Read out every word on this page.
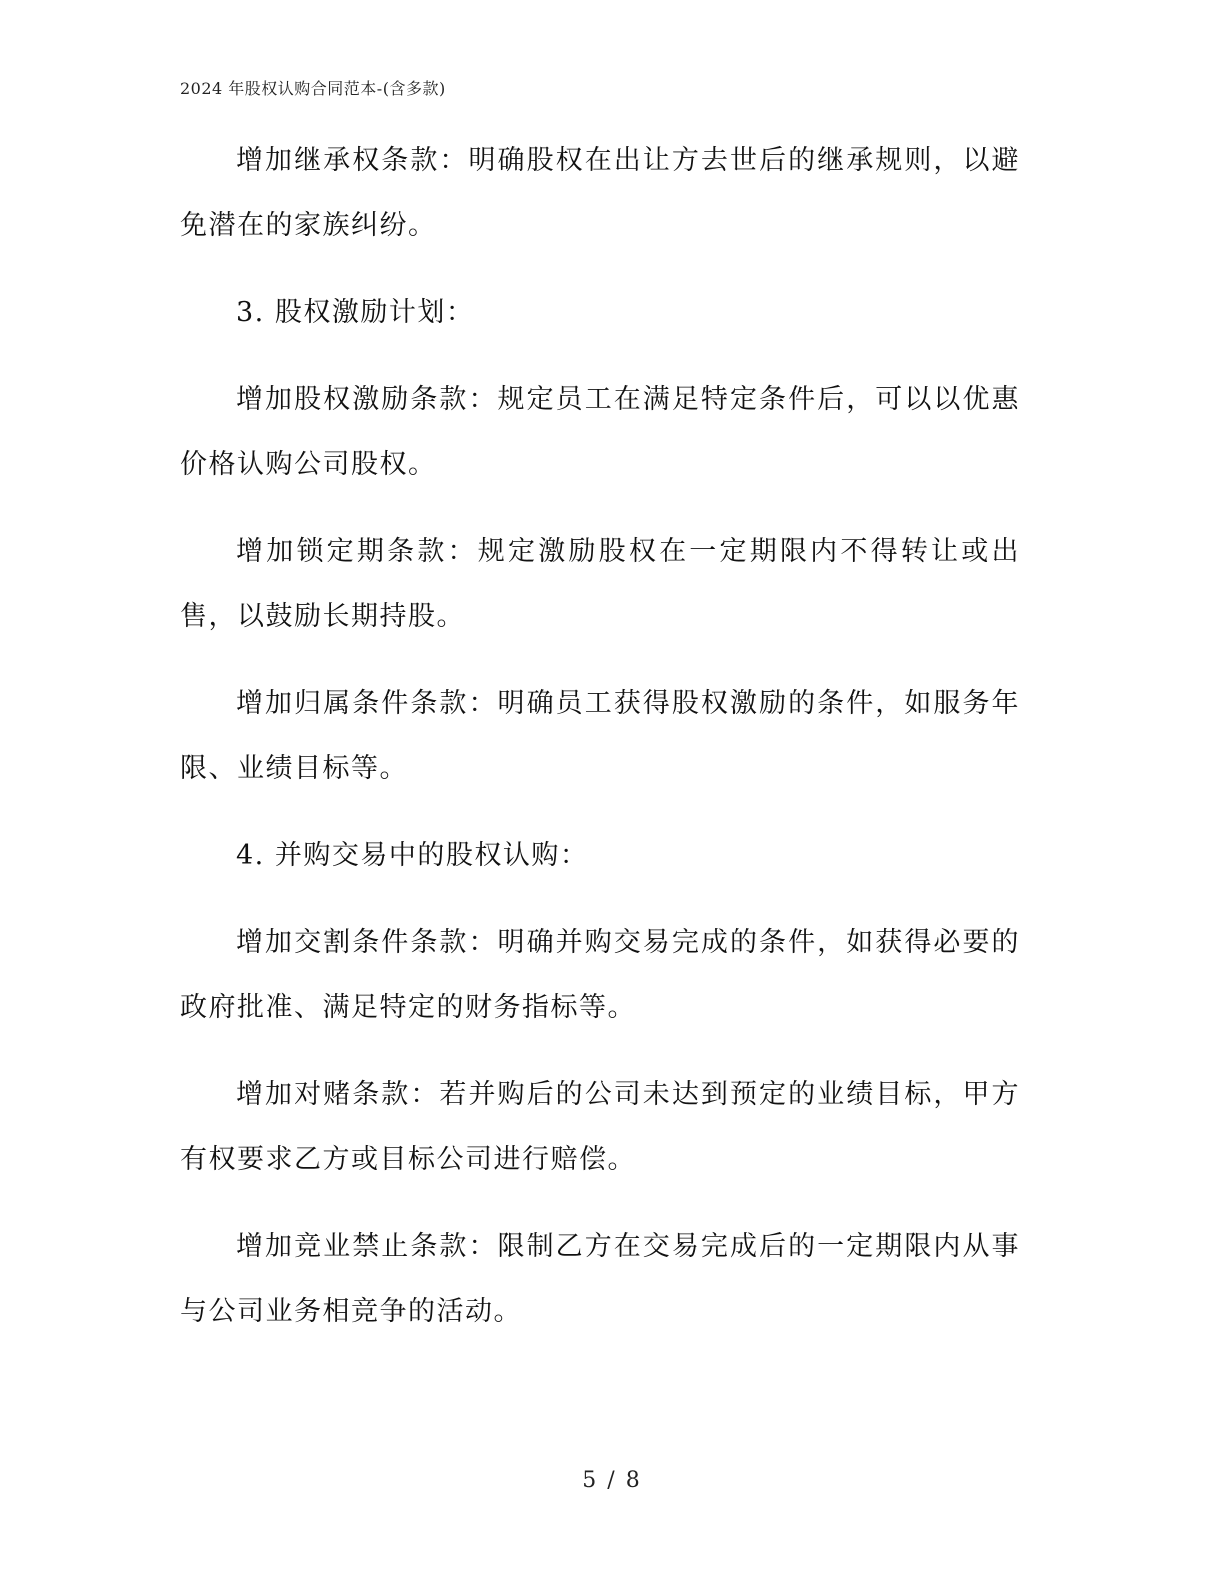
2024 年股权认购合同范本-(含多款)

增加继承权条款：明确股权在出让方去世后的继承规则，以避免潜在的家族纠纷。

3. 股权激励计划：

增加股权激励条款：规定员工在满足特定条件后，可以以优惠价格认购公司股权。

增加锁定期条款：规定激励股权在一定期限内不得转让或出售，以鼓励长期持股。

增加归属条件条款：明确员工获得股权激励的条件，如服务年限、业绩目标等。

4. 并购交易中的股权认购：

增加交割条件条款：明确并购交易完成的条件，如获得必要的政府批准、满足特定的财务指标等。

增加对赌条款：若并购后的公司未达到预定的业绩目标，甲方有权要求乙方或目标公司进行赔偿。

增加竞业禁止条款：限制乙方在交易完成后的一定期限内从事与公司业务相竞争的活动。

5 / 8
